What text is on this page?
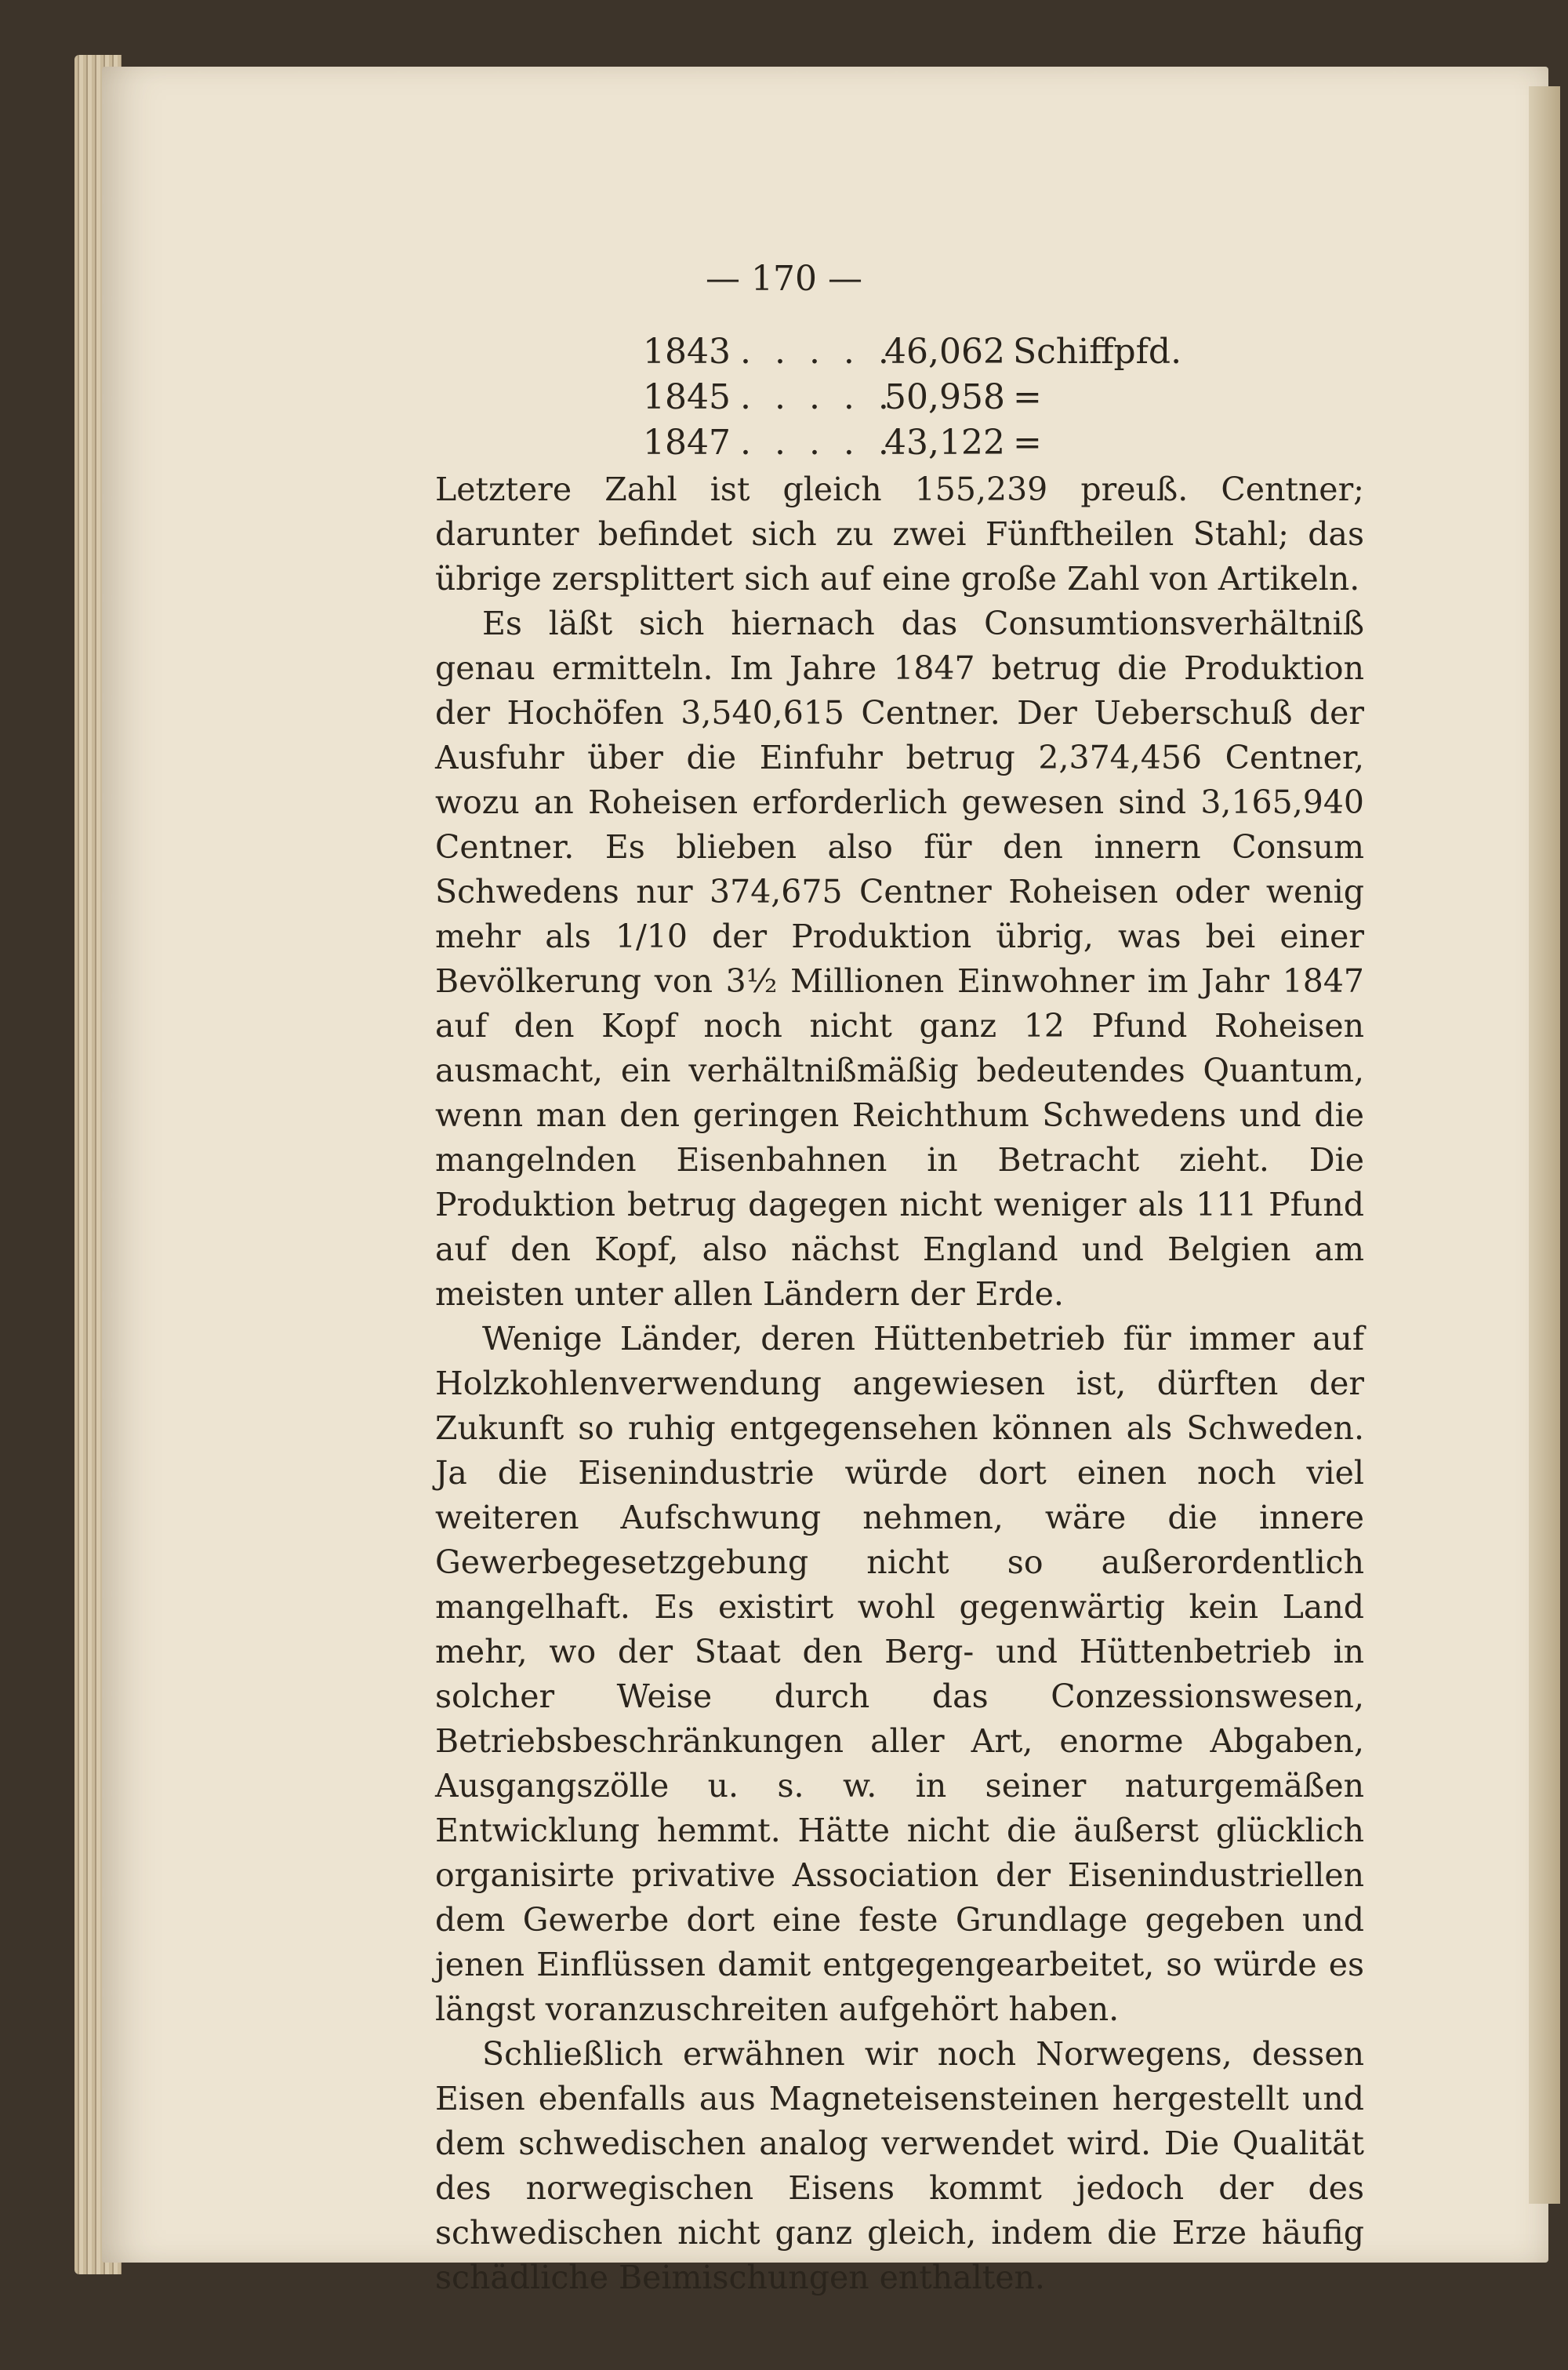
— 170 —
1843 . . . . . 46,062 Schiffpfd.
1845 . . . . . 50,958 =
1847 . . . . . 43,122 =

Letztere Zahl ist gleich 155,239 preuß. Centner; darunter befindet sich zu zwei Fünftheilen Stahl; das übrige zersplittert sich auf eine große Zahl von Artikeln.

Es läßt sich hiernach das Consumtionsverhältniß genau ermitteln. Im Jahre 1847 betrug die Produktion der Hochöfen 3,540,615 Centner. Der Ueberschuß der Ausfuhr über die Einfuhr betrug 2,374,456 Centner, wozu an Roheisen erforderlich gewesen sind 3,165,940 Centner. Es blieben also für den innern Consum Schwedens nur 374,675 Centner Roheisen oder wenig mehr als 1/10 der Produktion übrig, was bei einer Bevölkerung von 3½ Millionen Einwohner im Jahr 1847 auf den Kopf noch nicht ganz 12 Pfund Roheisen ausmacht, ein verhältnißmäßig bedeutendes Quantum, wenn man den geringen Reichthum Schwedens und die mangelnden Eisenbahnen in Betracht zieht. Die Produktion betrug dagegen nicht weniger als 111 Pfund auf den Kopf, also nächst England und Belgien am meisten unter allen Ländern der Erde.

Wenige Länder, deren Hüttenbetrieb für immer auf Holzkohlenverwendung angewiesen ist, dürften der Zukunft so ruhig entgegensehen können als Schweden. Ja die Eisenindustrie würde dort einen noch viel weiteren Aufschwung nehmen, wäre die innere Gewerbegesetzgebung nicht so außerordentlich mangelhaft. Es existirt wohl gegenwärtig kein Land mehr, wo der Staat den Berg- und Hüttenbetrieb in solcher Weise durch das Conzessionswesen, Betriebsbeschränkungen aller Art, enorme Abgaben, Ausgangszölle u. s. w. in seiner naturgemäßen Entwicklung hemmt. Hätte nicht die äußerst glücklich organisirte privative Association der Eisenindustriellen dem Gewerbe dort eine feste Grundlage gegeben und jenen Einflüssen damit entgegengearbeitet, so würde es längst voranzuschreiten aufgehört haben.

Schließlich erwähnen wir noch Norwegens, dessen Eisen ebenfalls aus Magneteisensteinen hergestellt und dem schwedischen analog verwendet wird. Die Qualität des norwegischen Eisens kommt jedoch der des schwedischen nicht ganz gleich, indem die Erze häufig schädliche Beimischungen enthalten.
